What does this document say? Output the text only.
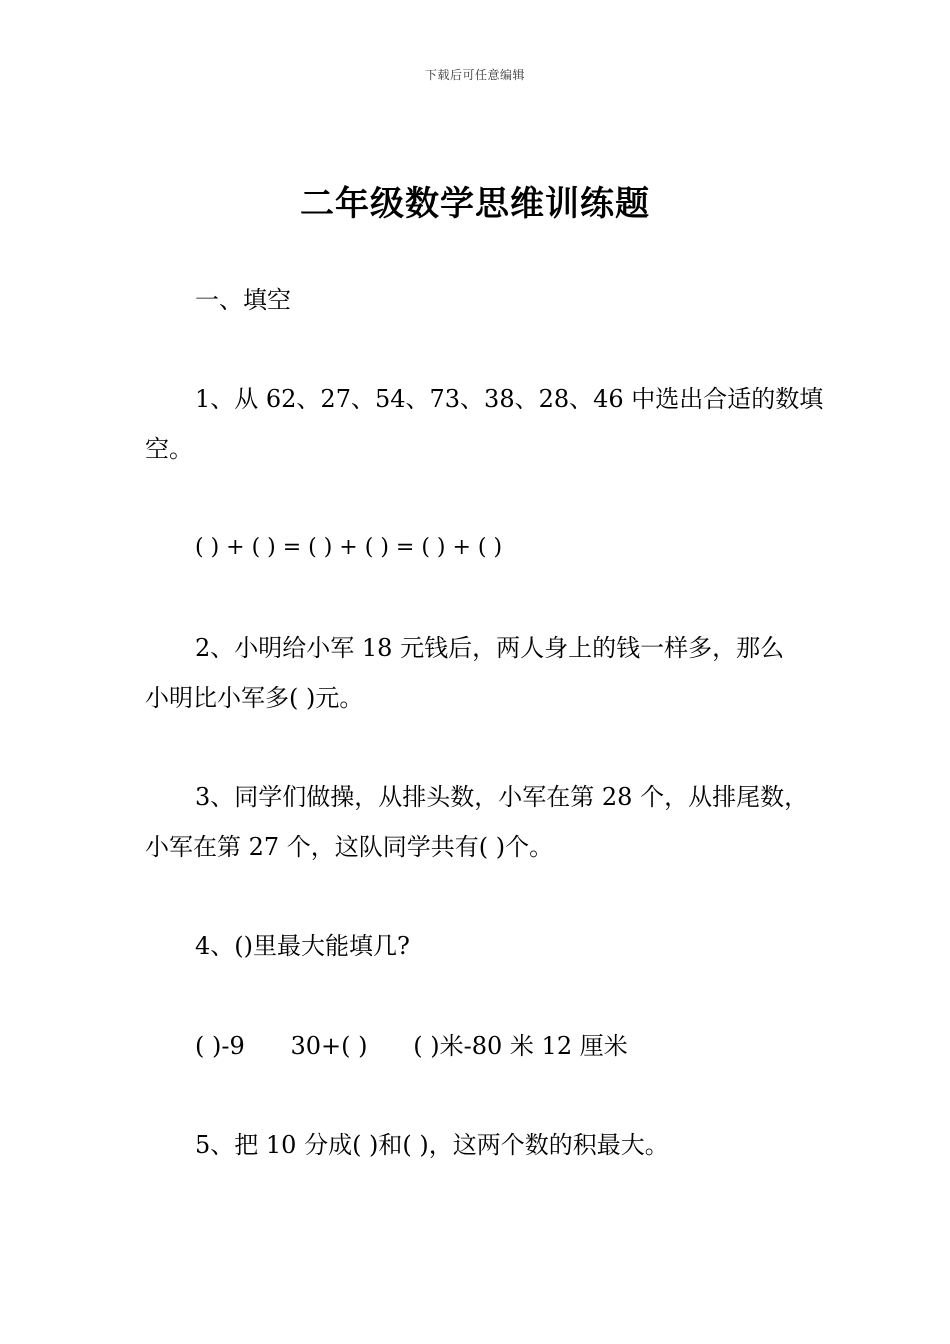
下载后可任意编辑
二年级数学思维训练题
一、填空
1、从 62、27、54、73、38、28、46 中选出合适的数填
空。
( ) + ( ) = ( ) + ( ) = ( ) + ( )
2、小明给小军 18 元钱后，两人身上的钱一样多，那么
小明比小军多( )元。
3、同学们做操，从排头数，小军在第 28 个，从排尾数，
小军在第 27 个，这队同学共有( )个。
4、()里最大能填几?
( )-9      30+( )      ( )米-80 米 12 厘米
5、把 10 分成( )和( )，这两个数的积最大。
